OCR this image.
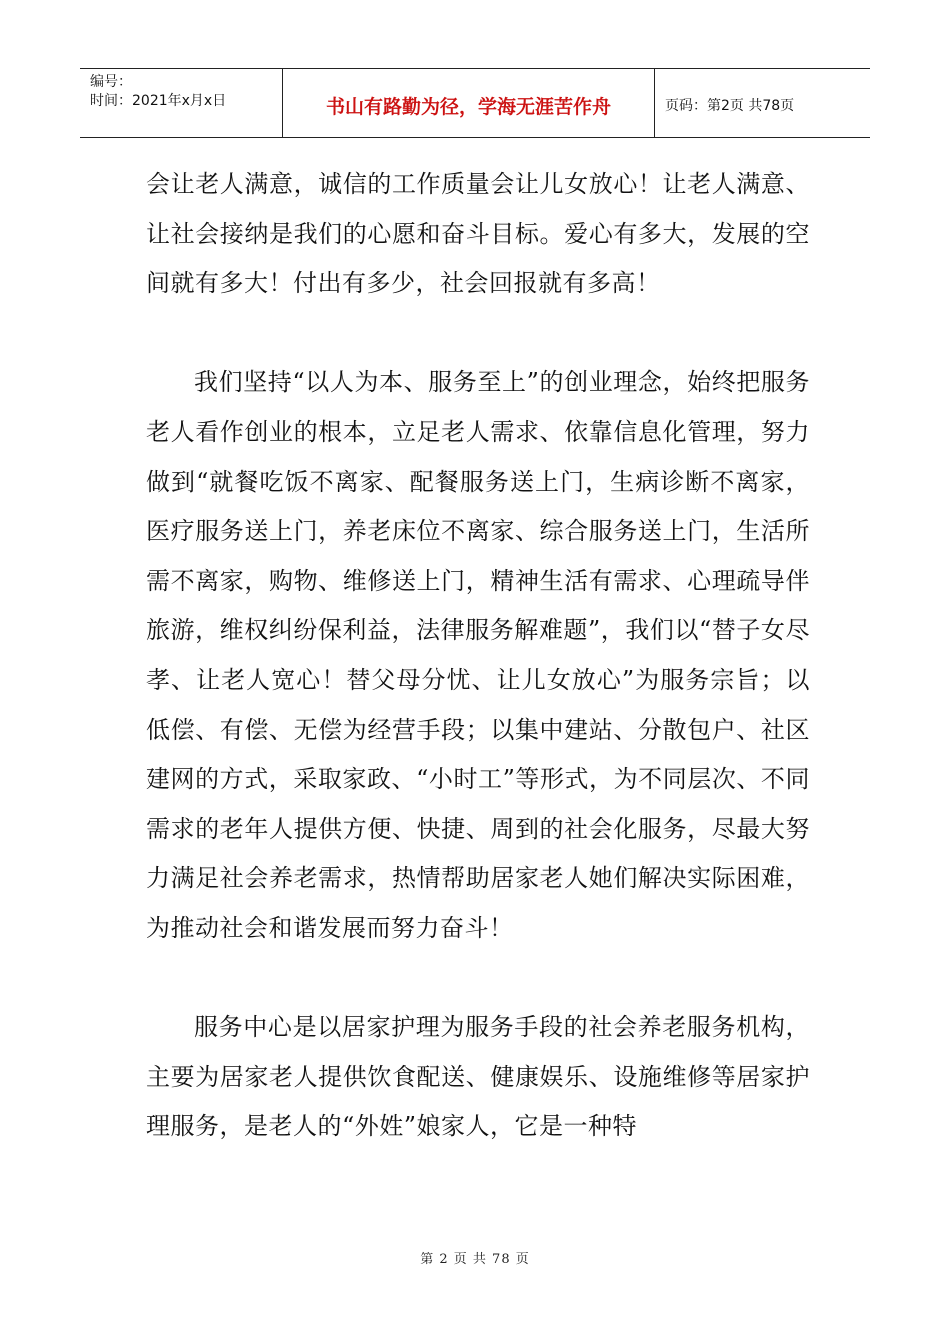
编号：
时间：2021年x月x日	书山有路勤为径，学海无涯苦作舟	页码：第2页 共78页

会让老人满意，诚信的工作质量会让儿女放心！让老人满意、让社会接纳是我们的心愿和奋斗目标。爱心有多大，发展的空间就有多大！付出有多少，社会回报就有多高！

我们坚持“以人为本、服务至上”的创业理念，始终把服务老人看作创业的根本，立足老人需求、依靠信息化管理，努力做到“就餐吃饭不离家、配餐服务送上门，生病诊断不离家，医疗服务送上门，养老床位不离家、综合服务送上门，生活所需不离家，购物、维修送上门，精神生活有需求、心理疏导伴旅游，维权纠纷保利益，法律服务解难题”，我们以“替子女尽孝、让老人宽心！替父母分忧、让儿女放心”为服务宗旨；以低偿、有偿、无偿为经营手段；以集中建站、分散包户、社区建网的方式，采取家政、“小时工”等形式，为不同层次、不同需求的老年人提供方便、快捷、周到的社会化服务，尽最大努力满足社会养老需求，热情帮助居家老人她们解决实际困难，为推动社会和谐发展而努力奋斗！

服务中心是以居家护理为服务手段的社会养老服务机构，主要为居家老人提供饮食配送、健康娱乐、设施维修等居家护理服务，是老人的“外姓”娘家人，它是一种特

第 2 页 共 78 页
